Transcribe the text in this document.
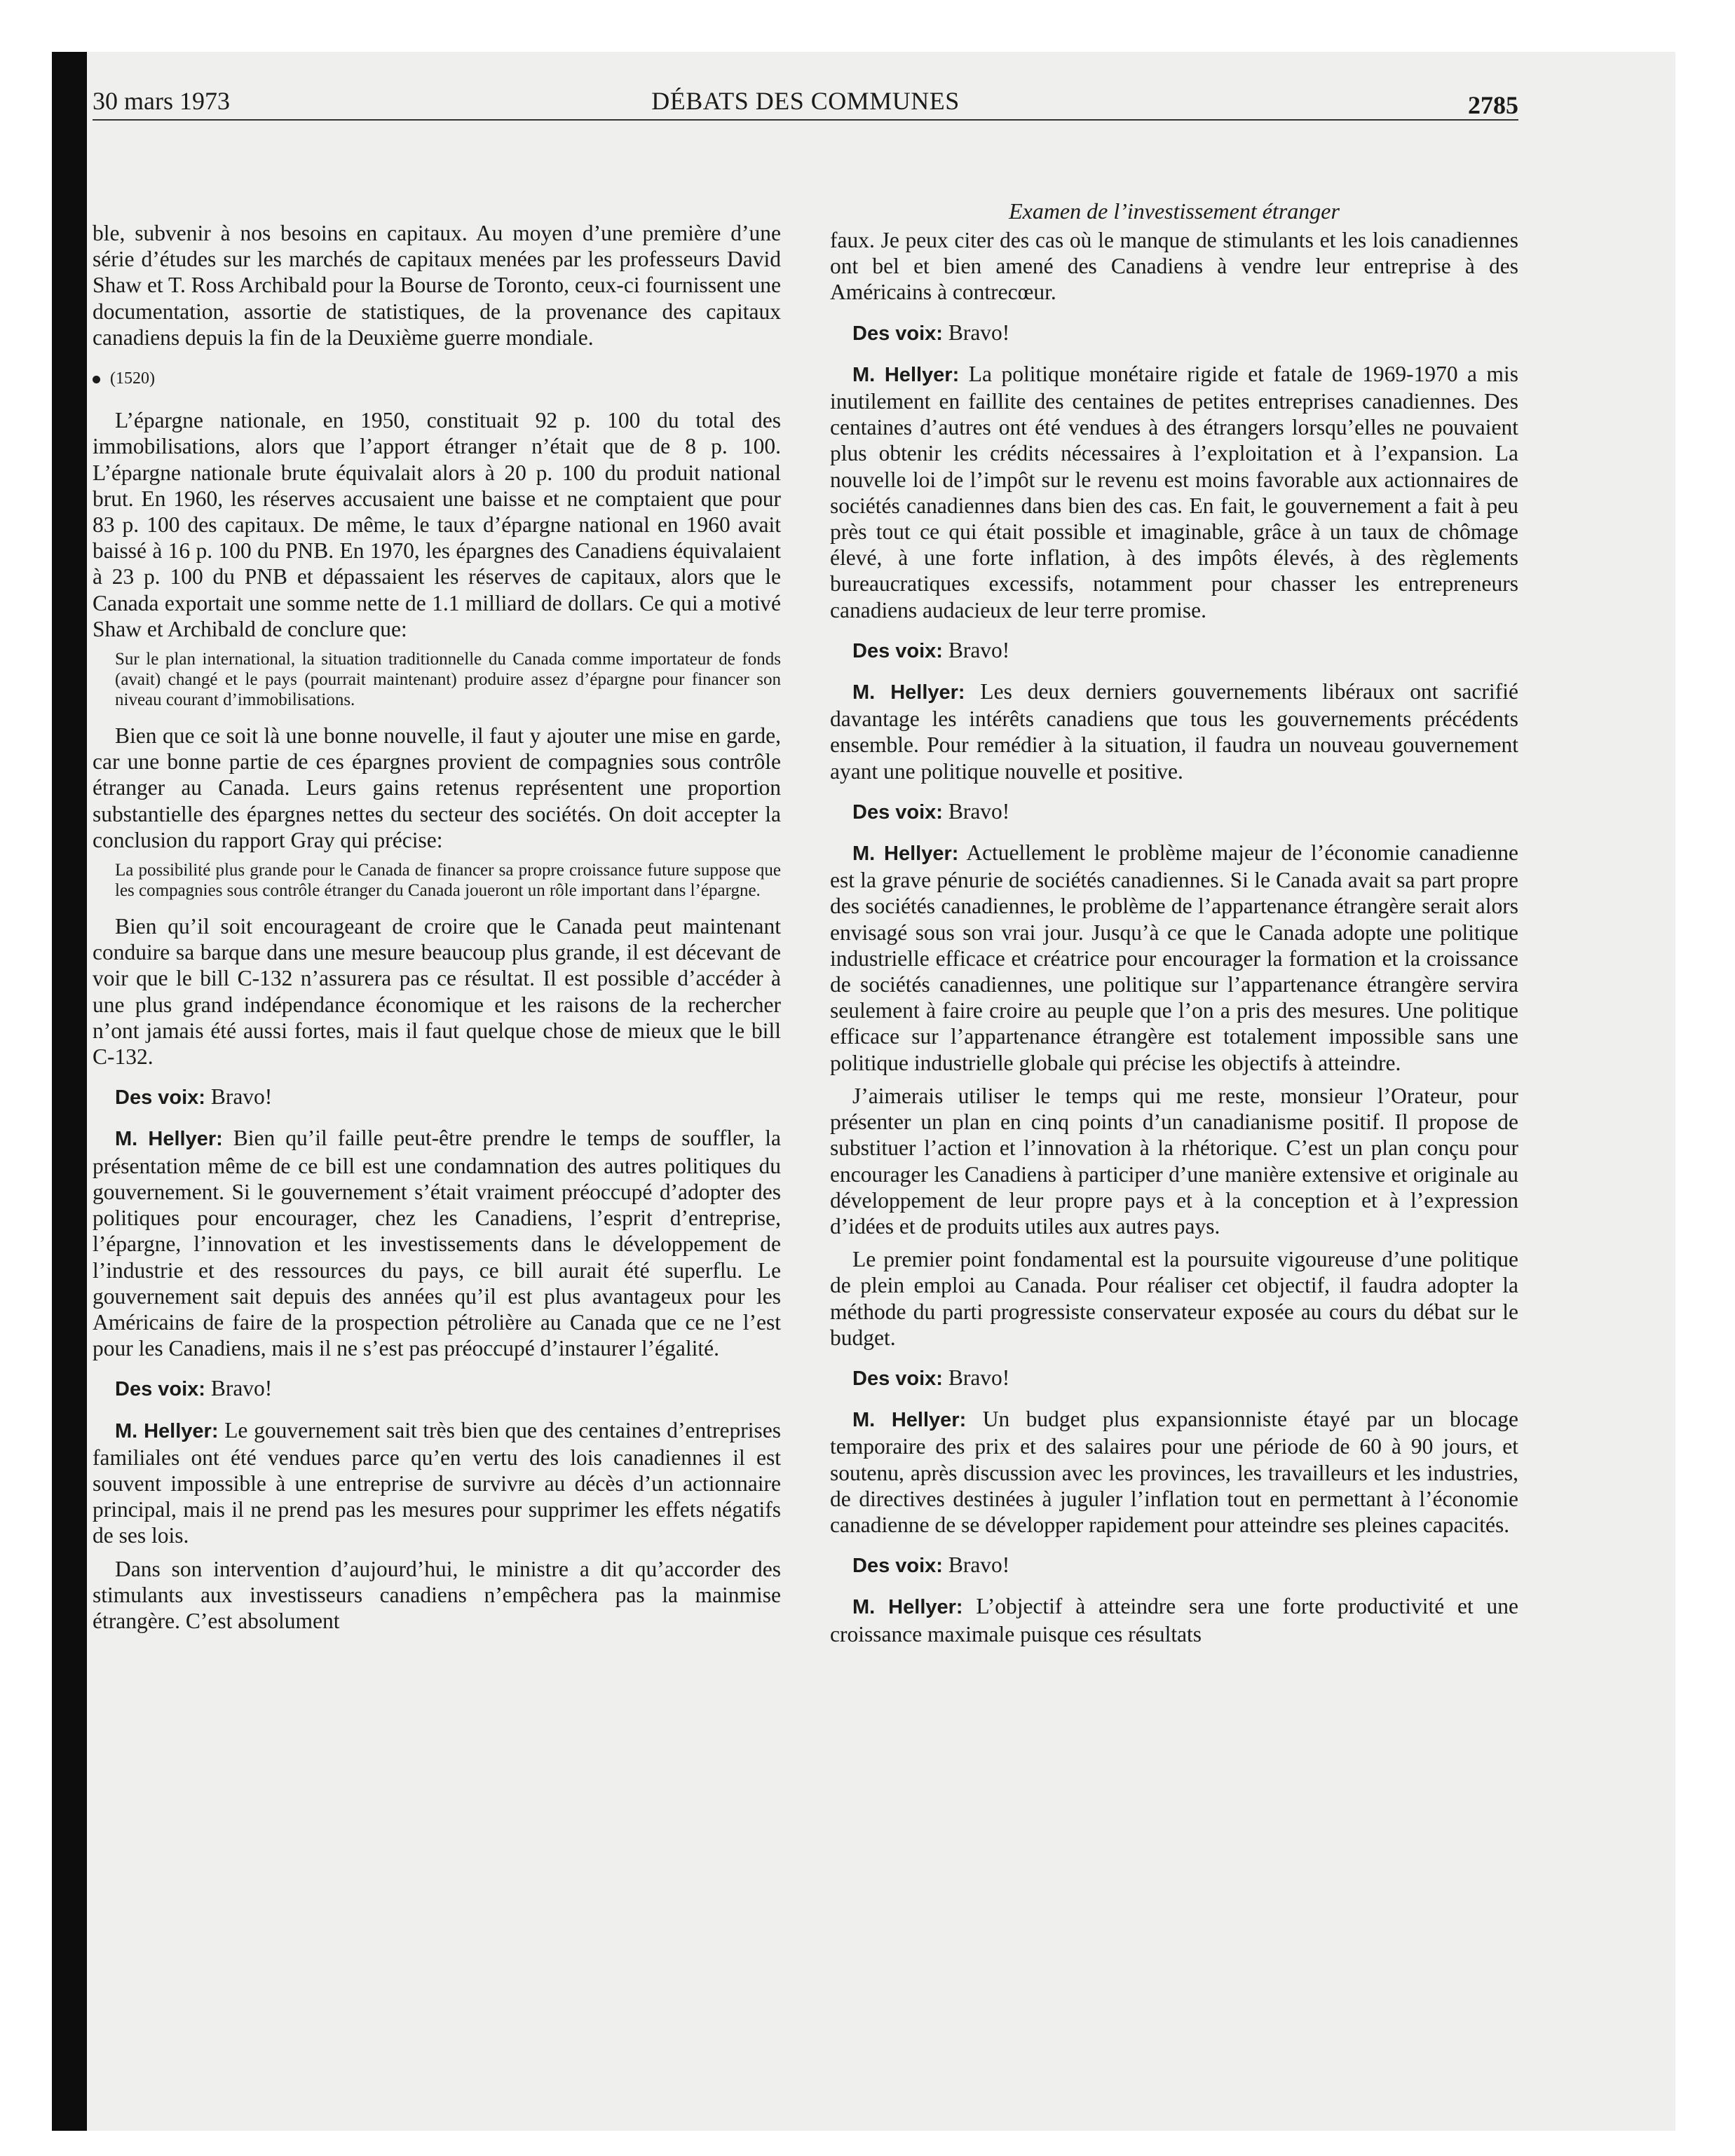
30 mars 1973	DÉBATS DES COMMUNES	2785

ble, subvenir à nos besoins en capitaux. Au moyen d’une première d’une série d’études sur les marchés de capitaux menées par les professeurs David Shaw et T. Ross Archibald pour la Bourse de Toronto, ceux-ci fournissent une documentation, assortie de statistiques, de la provenance des capitaux canadiens depuis la fin de la Deuxième guerre mondiale.

(1520)

L’épargne nationale, en 1950, constituait 92 p. 100 du total des immobilisations, alors que l’apport étranger n’était que de 8 p. 100. L’épargne nationale brute équivalait alors à 20 p. 100 du produit national brut. En 1960, les réserves accusaient une baisse et ne comptaient que pour 83 p. 100 des capitaux. De même, le taux d’épargne national en 1960 avait baissé à 16 p. 100 du PNB. En 1970, les épargnes des Canadiens équivalaient à 23 p. 100 du PNB et dépassaient les réserves de capitaux, alors que le Canada exportait une somme nette de 1.1 milliard de dollars. Ce qui a motivé Shaw et Archibald de conclure que:

Sur le plan international, la situation traditionnelle du Canada comme importateur de fonds (avait) changé et le pays (pourrait maintenant) produire assez d’épargne pour financer son niveau courant d’immobilisations.

Bien que ce soit là une bonne nouvelle, il faut y ajouter une mise en garde, car une bonne partie de ces épargnes provient de compagnies sous contrôle étranger au Canada. Leurs gains retenus représentent une proportion substantielle des épargnes nettes du secteur des sociétés. On doit accepter la conclusion du rapport Gray qui précise:

La possibilité plus grande pour le Canada de financer sa propre croissance future suppose que les compagnies sous contrôle étranger du Canada joueront un rôle important dans l’épargne.

Bien qu’il soit encourageant de croire que le Canada peut maintenant conduire sa barque dans une mesure beaucoup plus grande, il est décevant de voir que le bill C-132 n’assurera pas ce résultat. Il est possible d’accéder à une plus grand indépendance économique et les raisons de la rechercher n’ont jamais été aussi fortes, mais il faut quelque chose de mieux que le bill C-132.

Des voix: Bravo!

M. Hellyer: Bien qu’il faille peut-être prendre le temps de souffler, la présentation même de ce bill est une condamnation des autres politiques du gouvernement. Si le gouvernement s’était vraiment préoccupé d’adopter des politiques pour encourager, chez les Canadiens, l’esprit d’entreprise, l’épargne, l’innovation et les investissements dans le développement de l’industrie et des ressources du pays, ce bill aurait été superflu. Le gouvernement sait depuis des années qu’il est plus avantageux pour les Américains de faire de la prospection pétrolière au Canada que ce ne l’est pour les Canadiens, mais il ne s’est pas préoccupé d’instaurer l’égalité.

Des voix: Bravo!

M. Hellyer: Le gouvernement sait très bien que des centaines d’entreprises familiales ont été vendues parce qu’en vertu des lois canadiennes il est souvent impossible à une entreprise de survivre au décès d’un actionnaire principal, mais il ne prend pas les mesures pour supprimer les effets négatifs de ses lois.

Dans son intervention d’aujourd’hui, le ministre a dit qu’accorder des stimulants aux investisseurs canadiens n’empêchera pas la mainmise étrangère. C’est absolument

Examen de l’investissement étranger

faux. Je peux citer des cas où le manque de stimulants et les lois canadiennes ont bel et bien amené des Canadiens à vendre leur entreprise à des Américains à contrecœur.

Des voix: Bravo!

M. Hellyer: La politique monétaire rigide et fatale de 1969-1970 a mis inutilement en faillite des centaines de petites entreprises canadiennes. Des centaines d’autres ont été vendues à des étrangers lorsqu’elles ne pouvaient plus obtenir les crédits nécessaires à l’exploitation et à l’expansion. La nouvelle loi de l’impôt sur le revenu est moins favorable aux actionnaires de sociétés canadiennes dans bien des cas. En fait, le gouvernement a fait à peu près tout ce qui était possible et imaginable, grâce à un taux de chômage élevé, à une forte inflation, à des impôts élevés, à des règlements bureaucratiques excessifs, notamment pour chasser les entrepreneurs canadiens audacieux de leur terre promise.

Des voix: Bravo!

M. Hellyer: Les deux derniers gouvernements libéraux ont sacrifié davantage les intérêts canadiens que tous les gouvernements précédents ensemble. Pour remédier à la situation, il faudra un nouveau gouvernement ayant une politique nouvelle et positive.

Des voix: Bravo!

M. Hellyer: Actuellement le problème majeur de l’économie canadienne est la grave pénurie de sociétés canadiennes. Si le Canada avait sa part propre des sociétés canadiennes, le problème de l’appartenance étrangère serait alors envisagé sous son vrai jour. Jusqu’à ce que le Canada adopte une politique industrielle efficace et créatrice pour encourager la formation et la croissance de sociétés canadiennes, une politique sur l’appartenance étrangère servira seulement à faire croire au peuple que l’on a pris des mesures. Une politique efficace sur l’appartenance étrangère est totalement impossible sans une politique industrielle globale qui précise les objectifs à atteindre.

J’aimerais utiliser le temps qui me reste, monsieur l’Orateur, pour présenter un plan en cinq points d’un canadianisme positif. Il propose de substituer l’action et l’innovation à la rhétorique. C’est un plan conçu pour encourager les Canadiens à participer d’une manière extensive et originale au développement de leur propre pays et à la conception et à l’expression d’idées et de produits utiles aux autres pays.

Le premier point fondamental est la poursuite vigoureuse d’une politique de plein emploi au Canada. Pour réaliser cet objectif, il faudra adopter la méthode du parti progressiste conservateur exposée au cours du débat sur le budget.

Des voix: Bravo!

M. Hellyer: Un budget plus expansionniste étayé par un blocage temporaire des prix et des salaires pour une période de 60 à 90 jours, et soutenu, après discussion avec les provinces, les travailleurs et les industries, de directives destinées à juguler l’inflation tout en permettant à l’économie canadienne de se développer rapidement pour atteindre ses pleines capacités.

Des voix: Bravo!

M. Hellyer: L’objectif à atteindre sera une forte productivité et une croissance maximale puisque ces résultats
